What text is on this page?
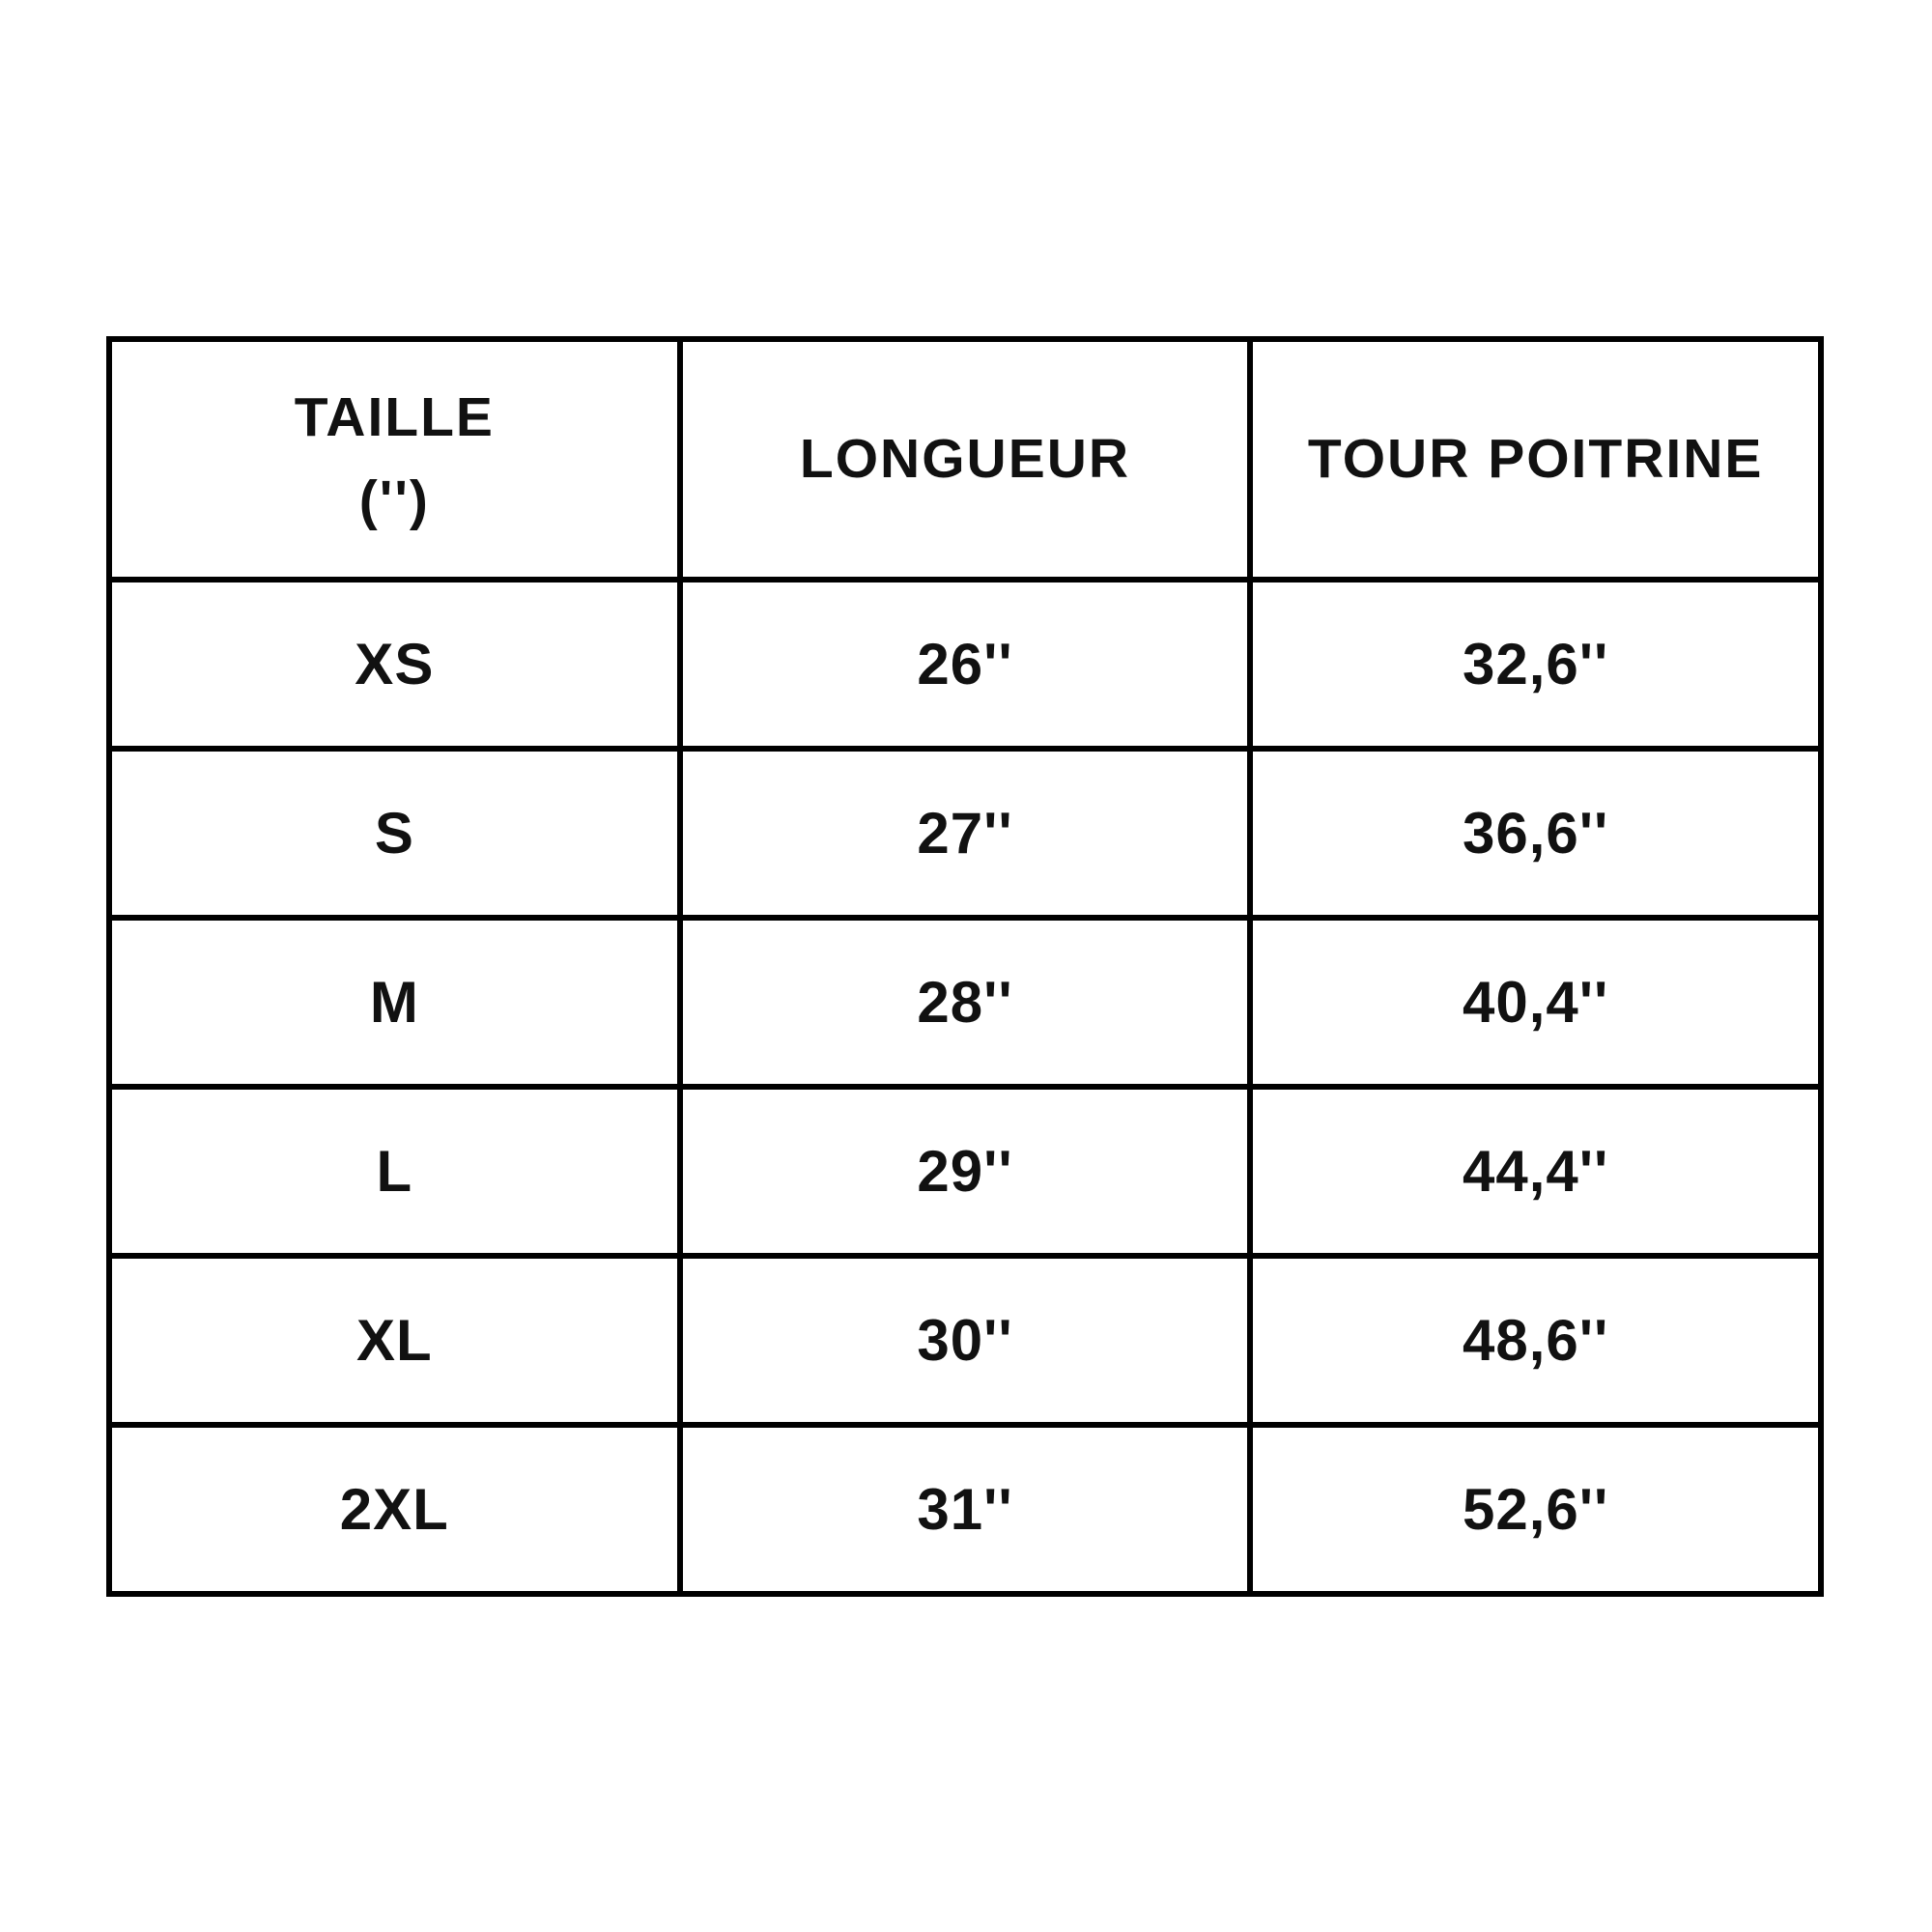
TAILLE
('')	LONGUEUR	TOUR POITRINE
XS	26''	32,6''
S	27''	36,6''
M	28''	40,4''
L	29''	44,4''
XL	30''	48,6''
2XL	31''	52,6''
